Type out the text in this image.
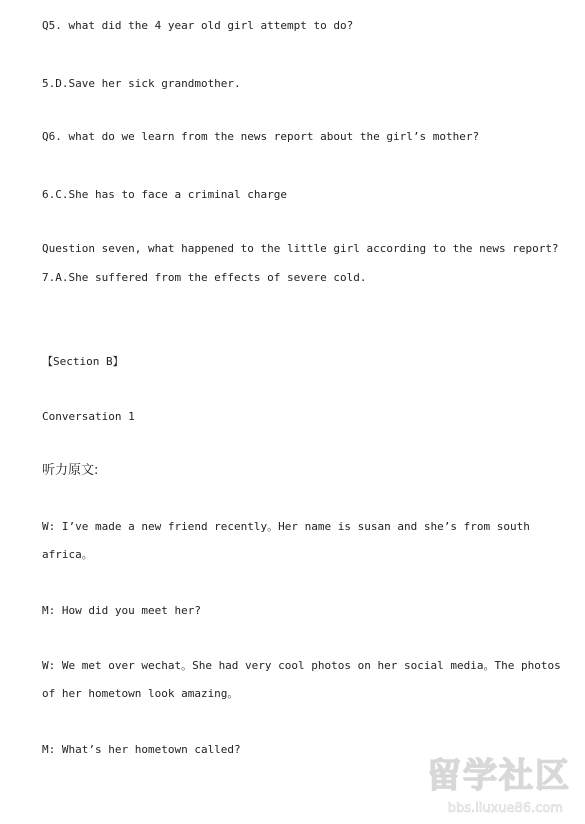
Q5. what did the 4 year old girl attempt to do?
5.D.Save her sick grandmother.
Q6. what do we learn from the news report about the girl’s mother?
6.C.She has to face a criminal charge
Question seven, what happened to the little girl according to the news report?
7.A.She suffered from the effects of severe cold.
【Section B】
Conversation 1
听力原文:
W: I’ve made a new friend recently。Her name is susan and she’s from south
africa。
M: How did you meet her?
W: We met over wechat。She had very cool photos on her social media。The photos
of her hometown look amazing。
M: What’s her hometown called?
留学社区
bbs.liuxue86.com
